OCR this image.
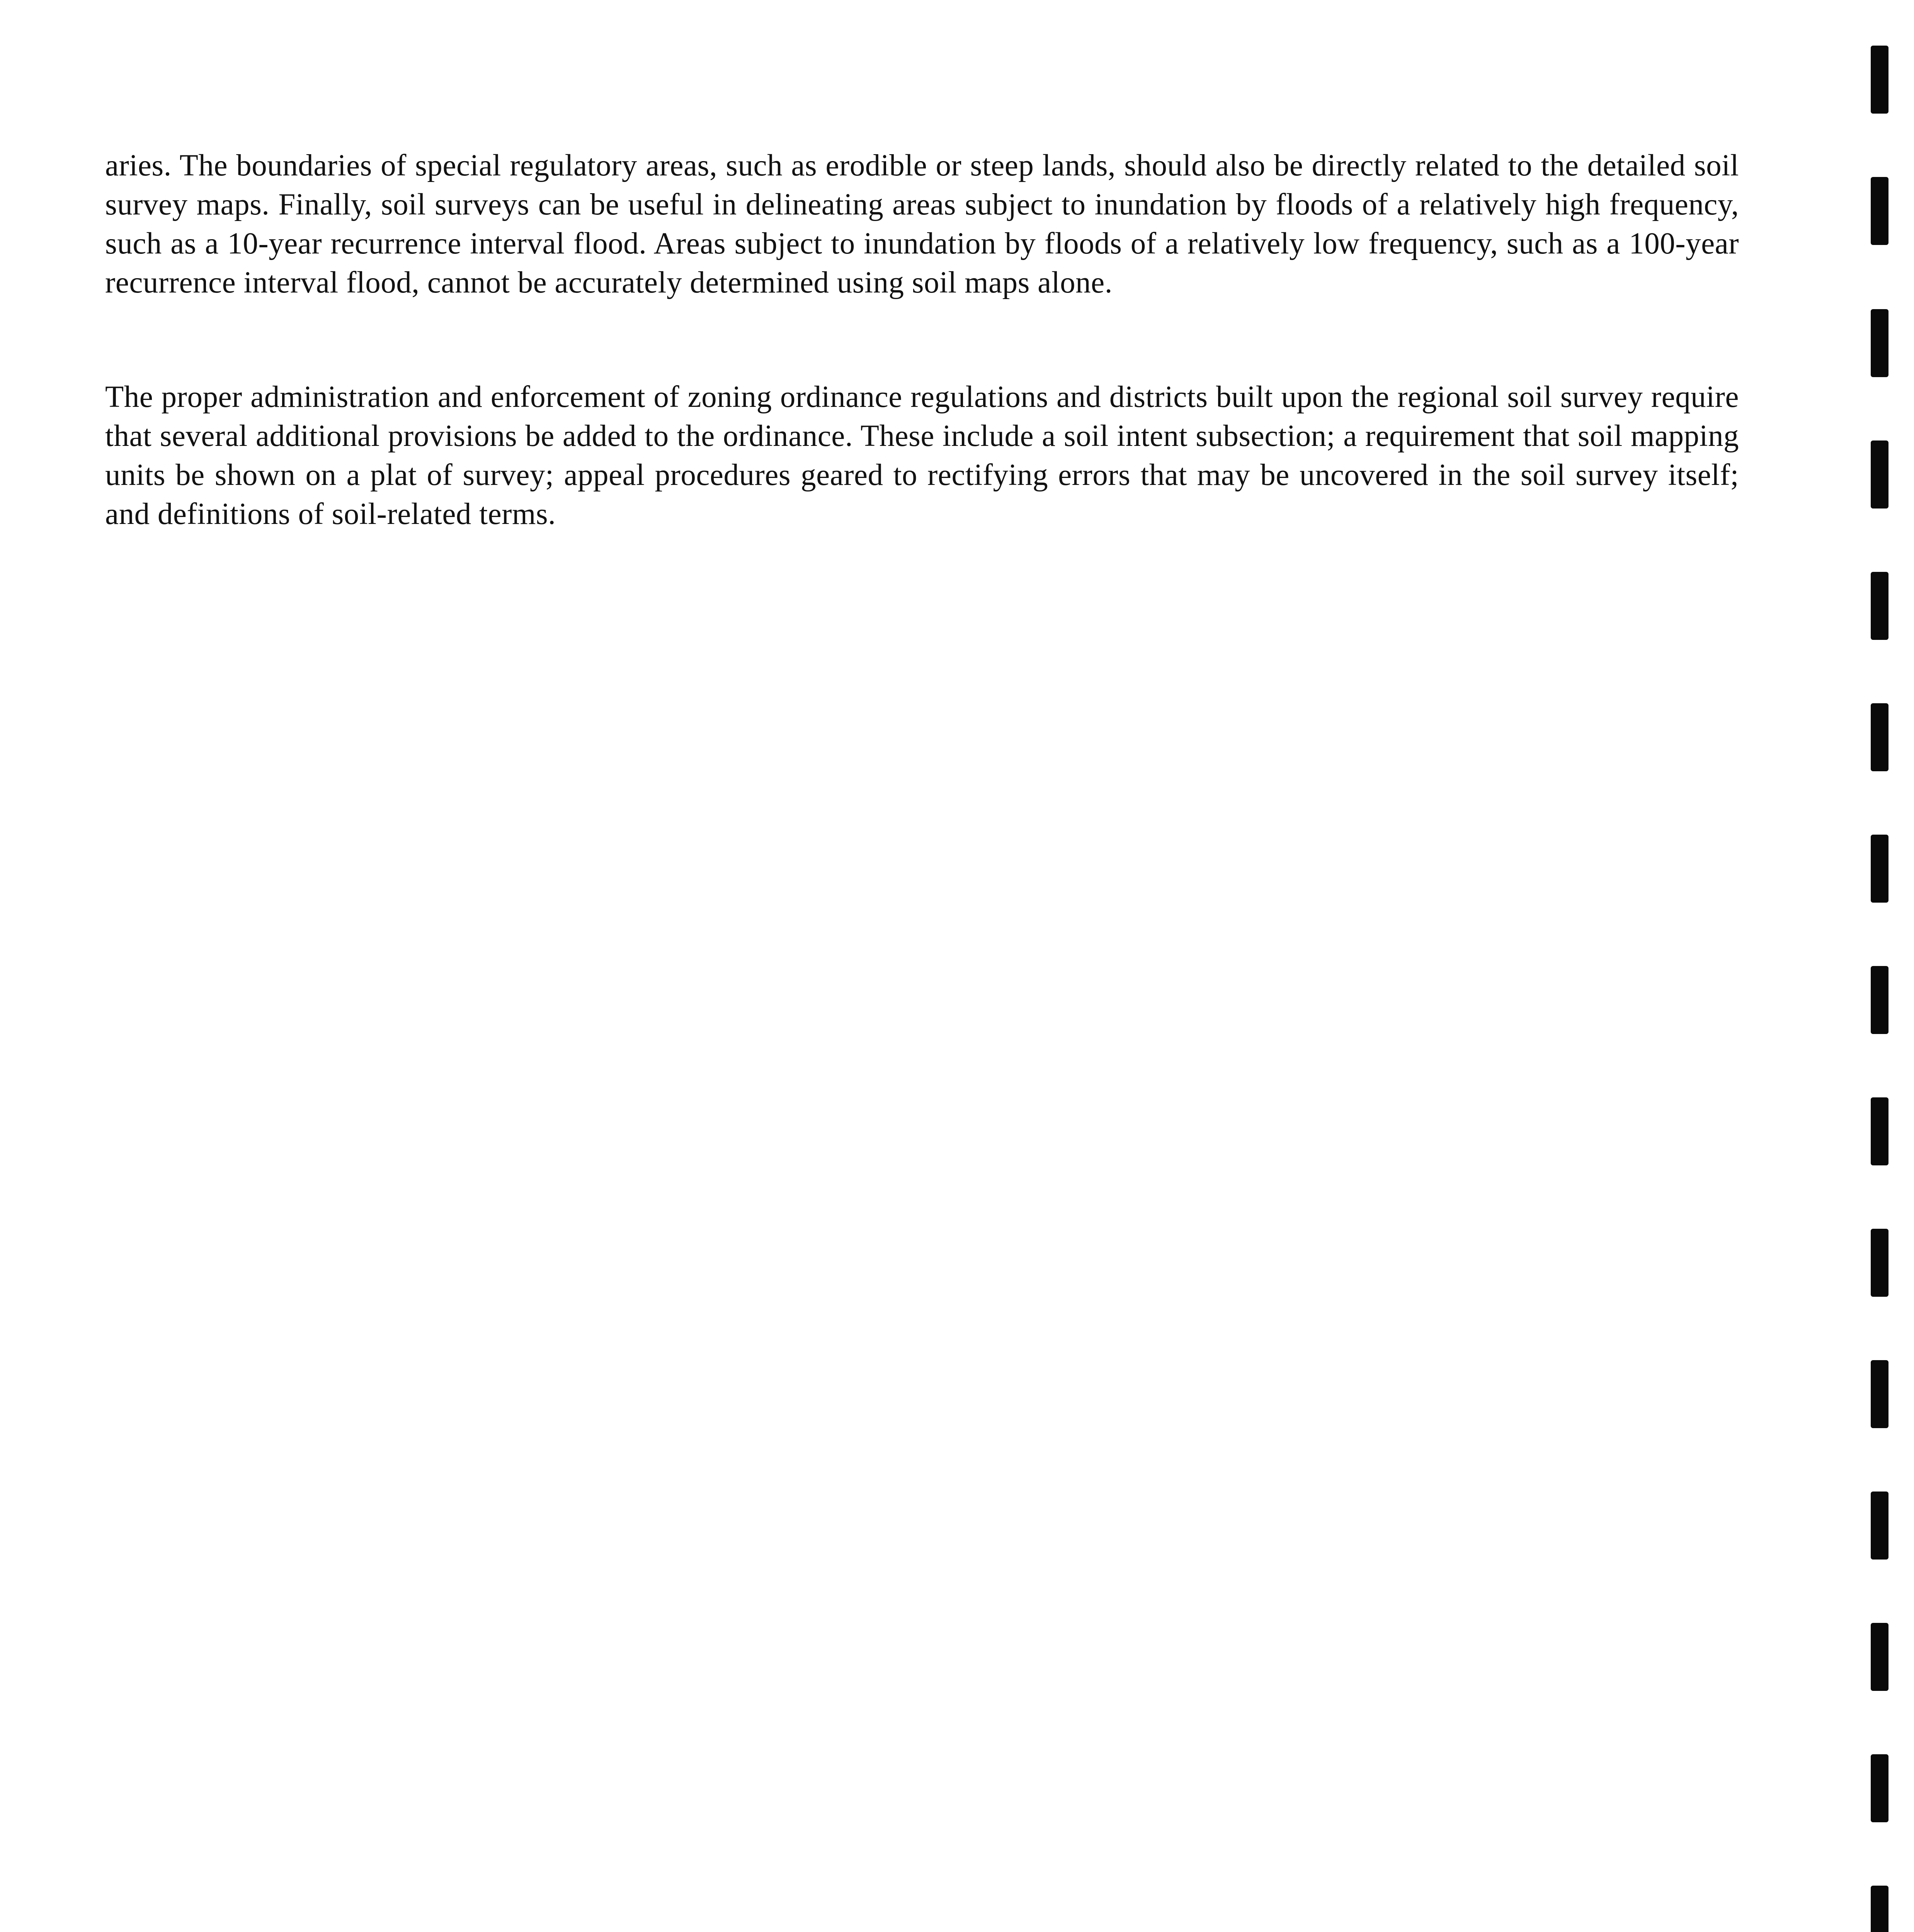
aries. The boundaries of special regulatory areas, such as erodible or steep lands, should also be directly related to the detailed soil survey maps. Finally, soil surveys can be useful in delineating areas subject to inundation by floods of a relatively high frequency, such as a 10-year recurrence interval flood. Areas subject to inundation by floods of a relatively low frequency, such as a 100-year recurrence interval flood, cannot be accurately determined using soil maps alone.

The proper administration and enforcement of zoning ordinance regulations and districts built upon the regional soil survey require that several additional provisions be added to the ordinance. These include a soil intent subsection; a requirement that soil mapping units be shown on a plat of survey; appeal procedures geared to rectifying errors that may be uncovered in the soil survey itself; and definitions of soil-related terms.
